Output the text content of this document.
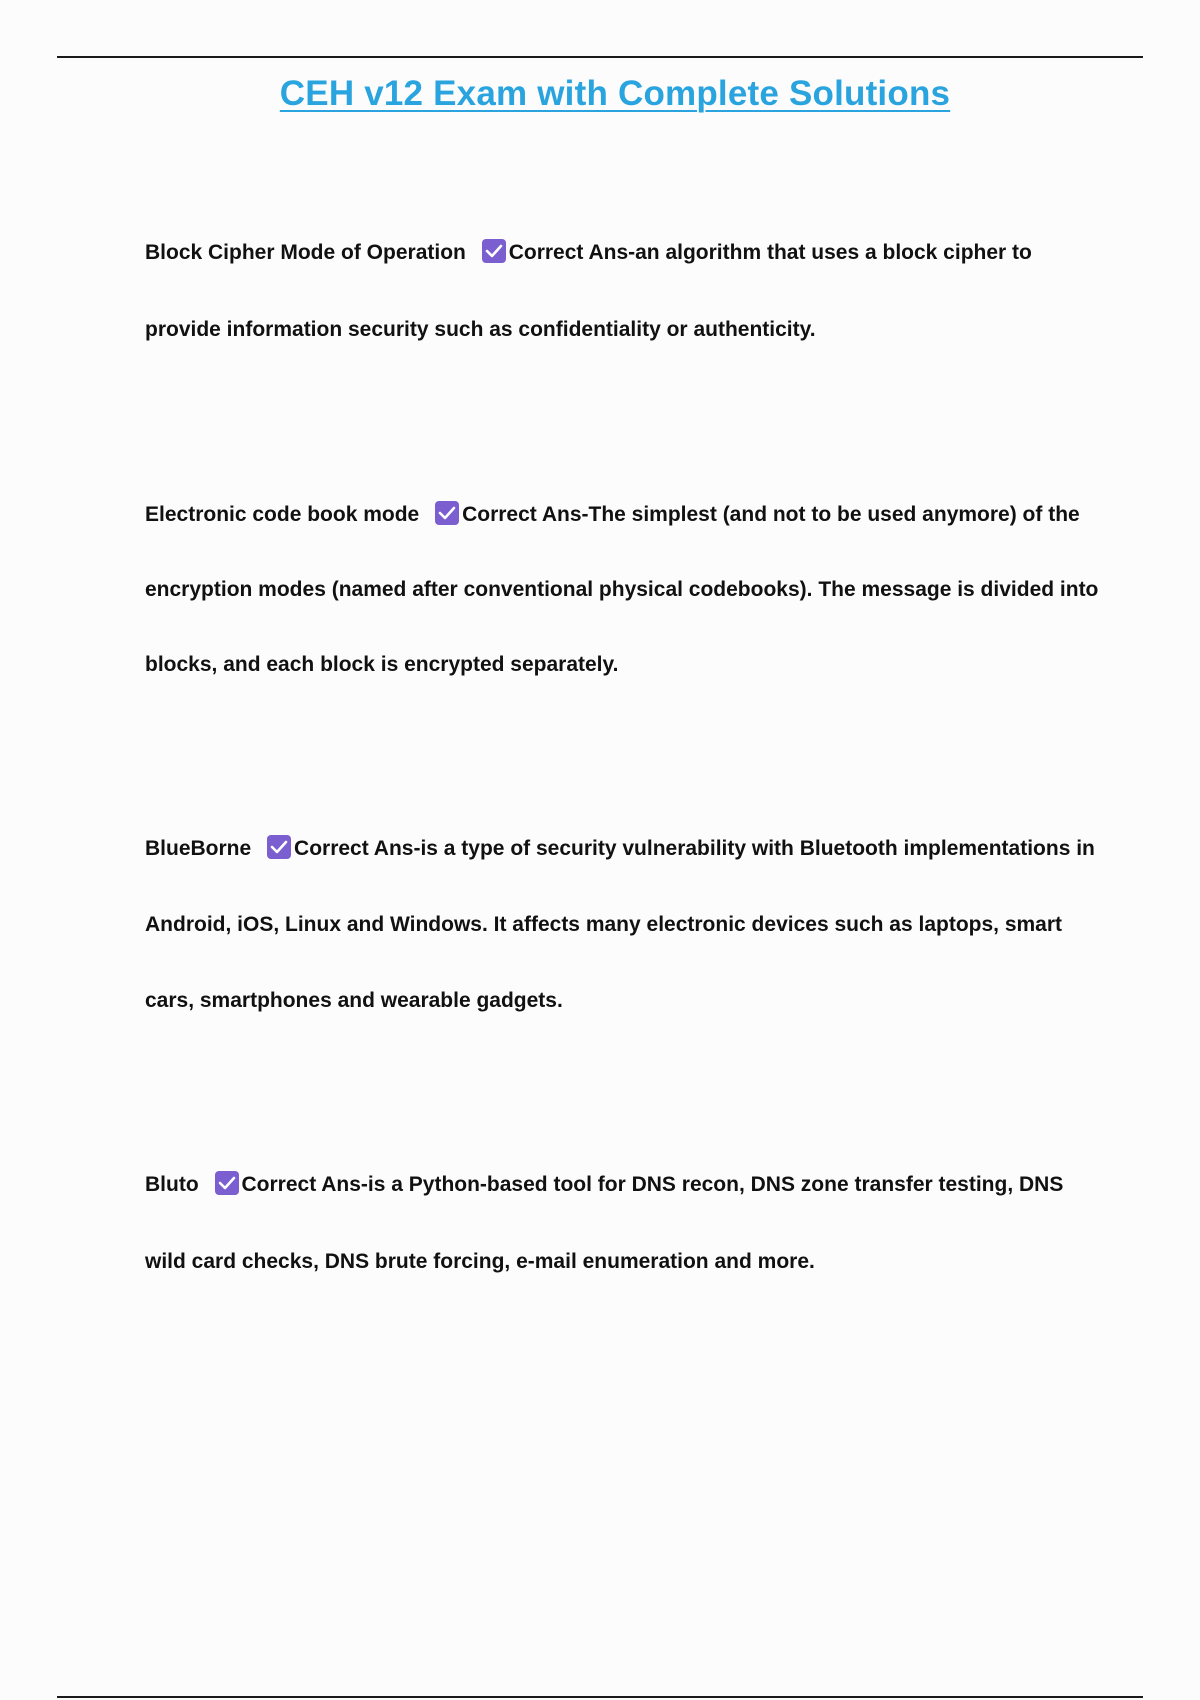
CEH v12 Exam with Complete Solutions

Block Cipher Mode of Operation Correct Ans-an algorithm that uses a block cipher to provide information security such as confidentiality or authenticity.

Electronic code book mode Correct Ans-The simplest (and not to be used anymore) of the encryption modes (named after conventional physical codebooks). The message is divided into blocks, and each block is encrypted separately.

BlueBorne Correct Ans-is a type of security vulnerability with Bluetooth implementations in Android, iOS, Linux and Windows. It affects many electronic devices such as laptops, smart cars, smartphones and wearable gadgets.

Bluto Correct Ans-is a Python-based tool for DNS recon, DNS zone transfer testing, DNS wild card checks, DNS brute forcing, e-mail enumeration and more.
